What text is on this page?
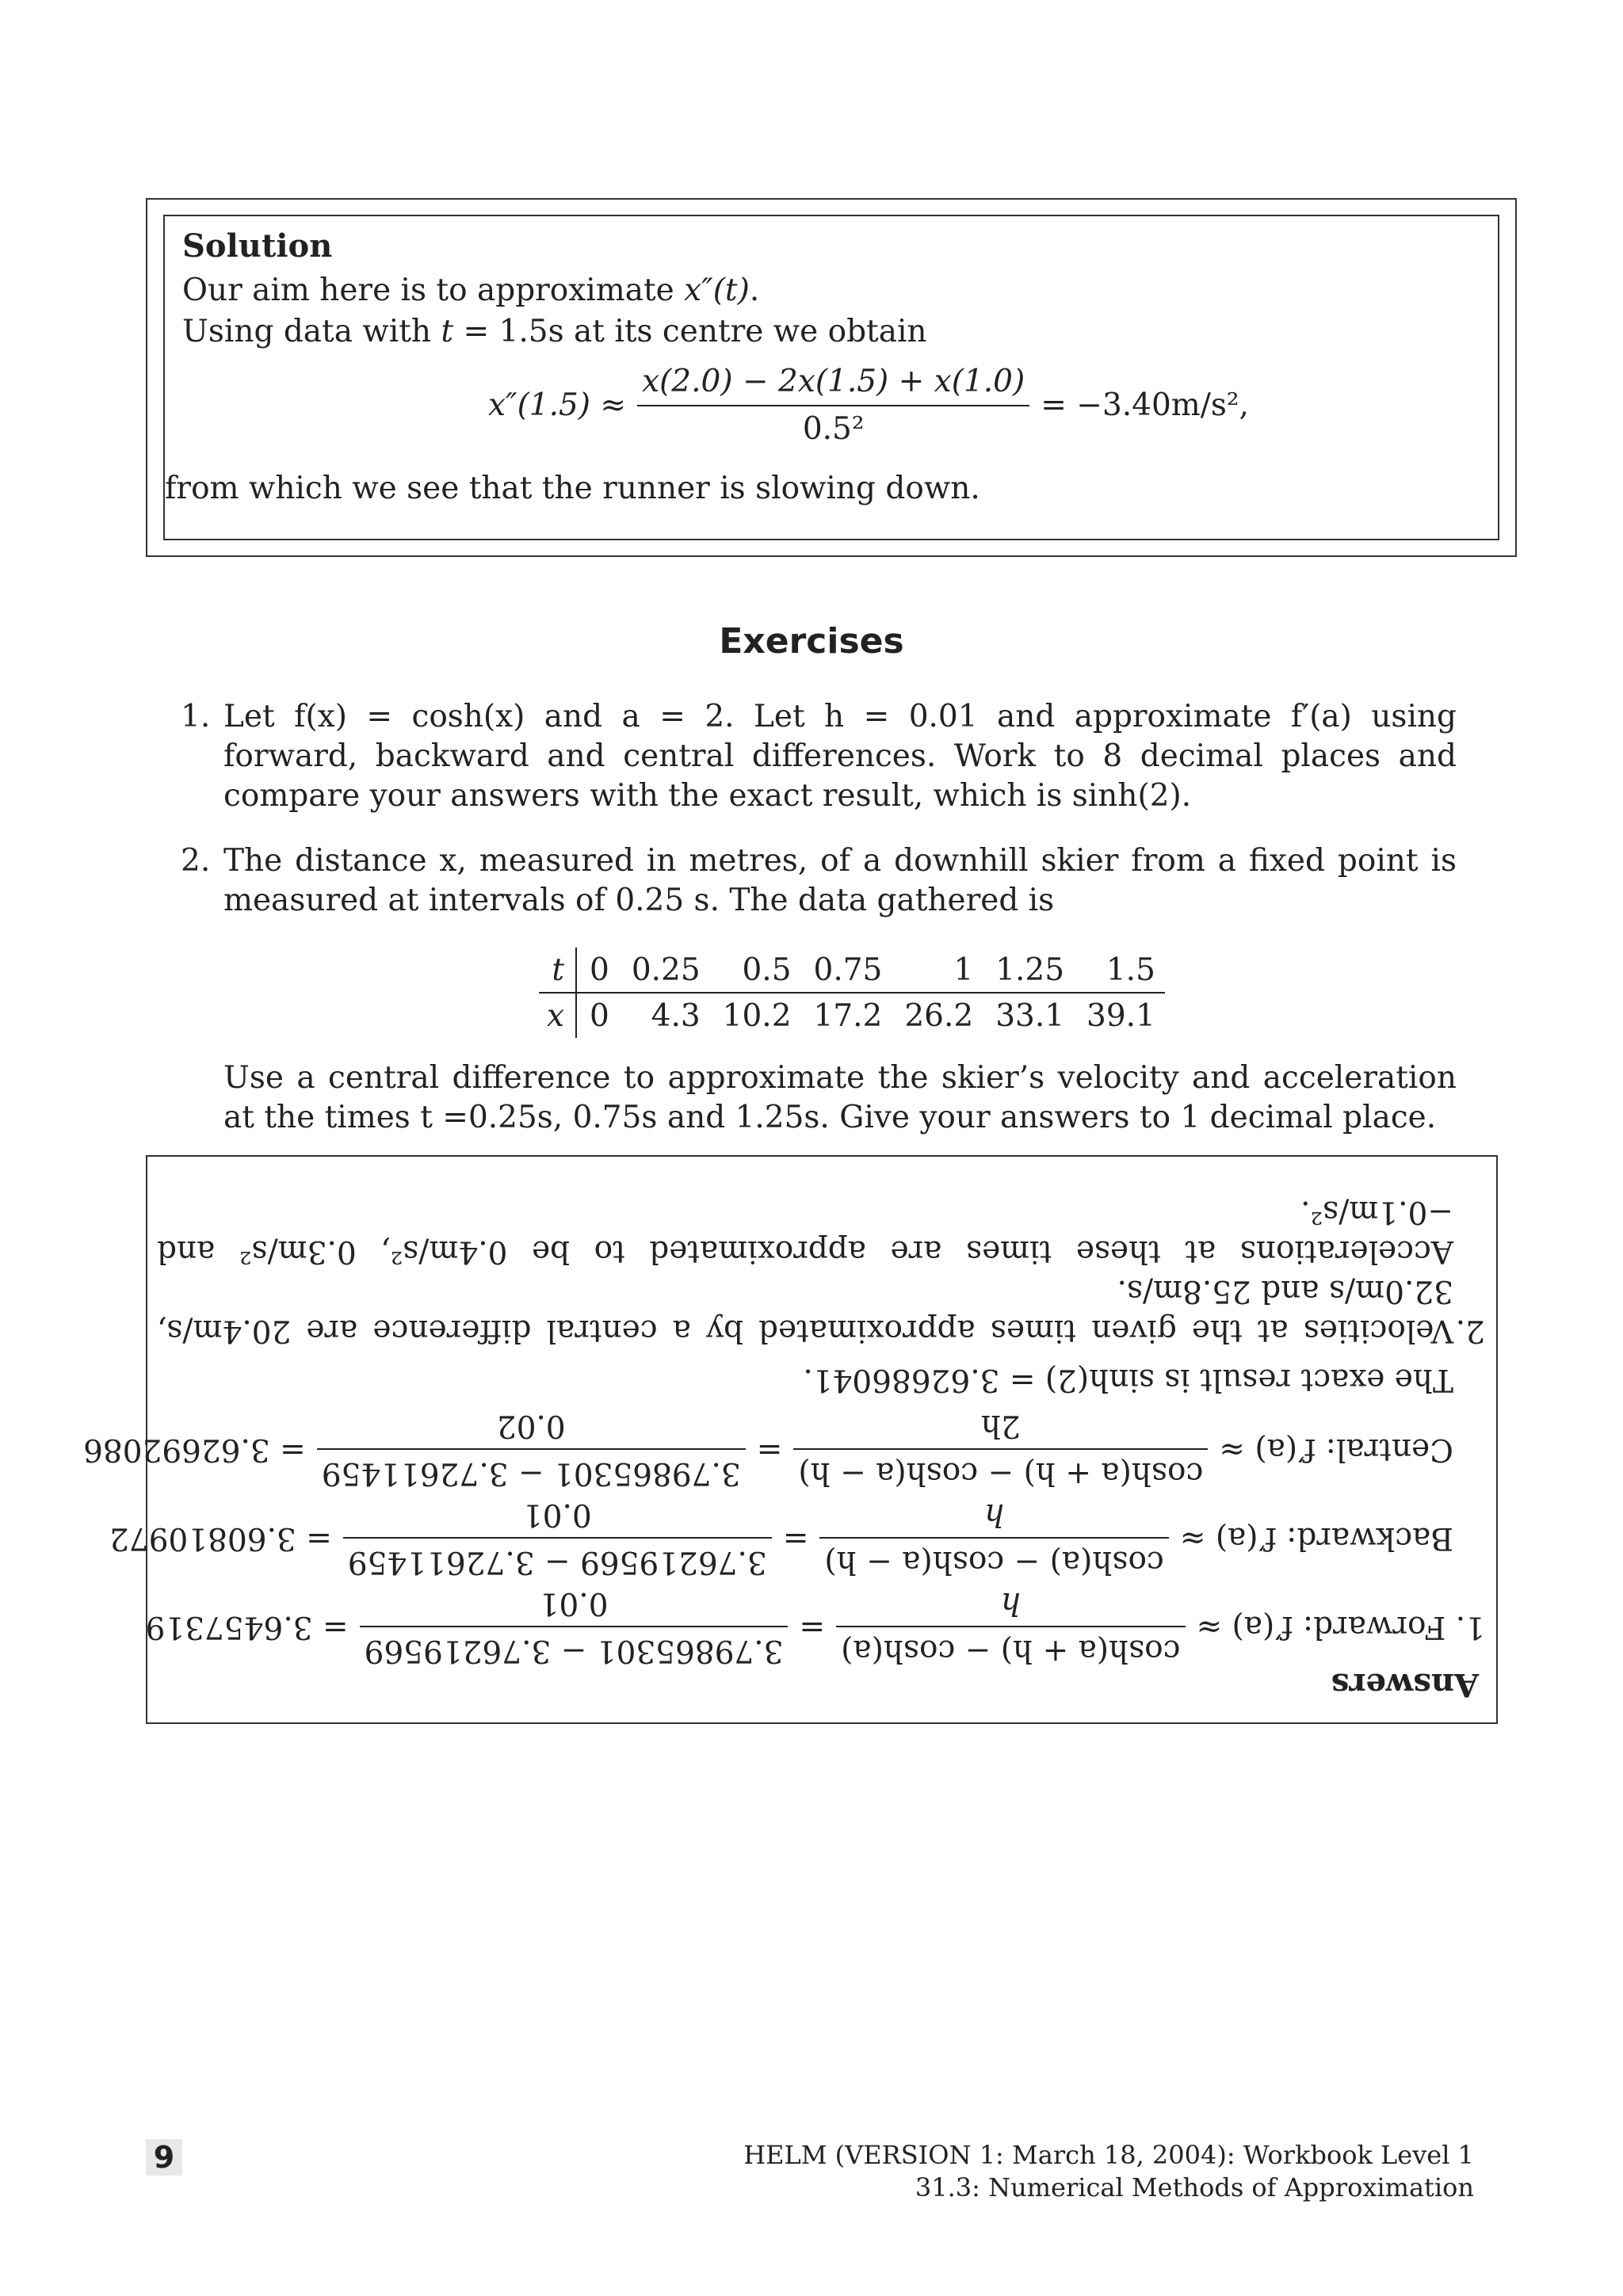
Solution
Our aim here is to approximate x″(t).
Using data with t = 1.5s at its centre we obtain
$x''(1.5) \approx \frac{x(2.0) - 2x(1.5) + x(1.0)}{\text{0.5²}} = -3.40m/s^2$,
from which we see that the runner is slowing down.
Exercises
1. Let f(x) = cosh(x) and a = 2. Let h = 0.01 and approximate f′(a) using forward, backward and central differences. Work to 8 decimal places and compare your answers with the exact result, which is sinh(2).
2. The distance x, measured in metres, of a downhill skier from a fixed point is measured at intervals of 0.25 s. The data gathered is
t	0	0.25	0.5	0.75	1	1.25	1.5
x	0	4.3	10.2	17.2	26.2	33.1	39.1
Use a central difference to approximate the skier’s velocity and acceleration at the times t =0.25s, 0.75s and 1.25s. Give your answers to 1 decimal place.
Answers
1. Forward: f′(a) ≈
cosh(a + h) − cosh(a)
h
=
3.79865301 − 3.76219569
0.01
= 3.6457319
Backward: f′(a) ≈
cosh(a) − cosh(a − h)
h
=
3.76219569 − 3.72611459
0.01
= 3.60810972
Central: f′(a) ≈
cosh(a + h) − cosh(a − h)
2h
=
3.79865301 − 3.72611459
0.02
= 3.62692086
The exact result is sinh(2) = 3.62686041.
2.
Velocities at the given times approximated by a central difference are 20.4m/s, 32.0m/s and 25.8m/s.
Accelerations at these times are approximated to be 0.4m/s², 0.3m/s² and −0.1m/s².
9	HELM (VERSION 1: March 18, 2004): Workbook Level 1
31.3: Numerical Methods of Approximation
